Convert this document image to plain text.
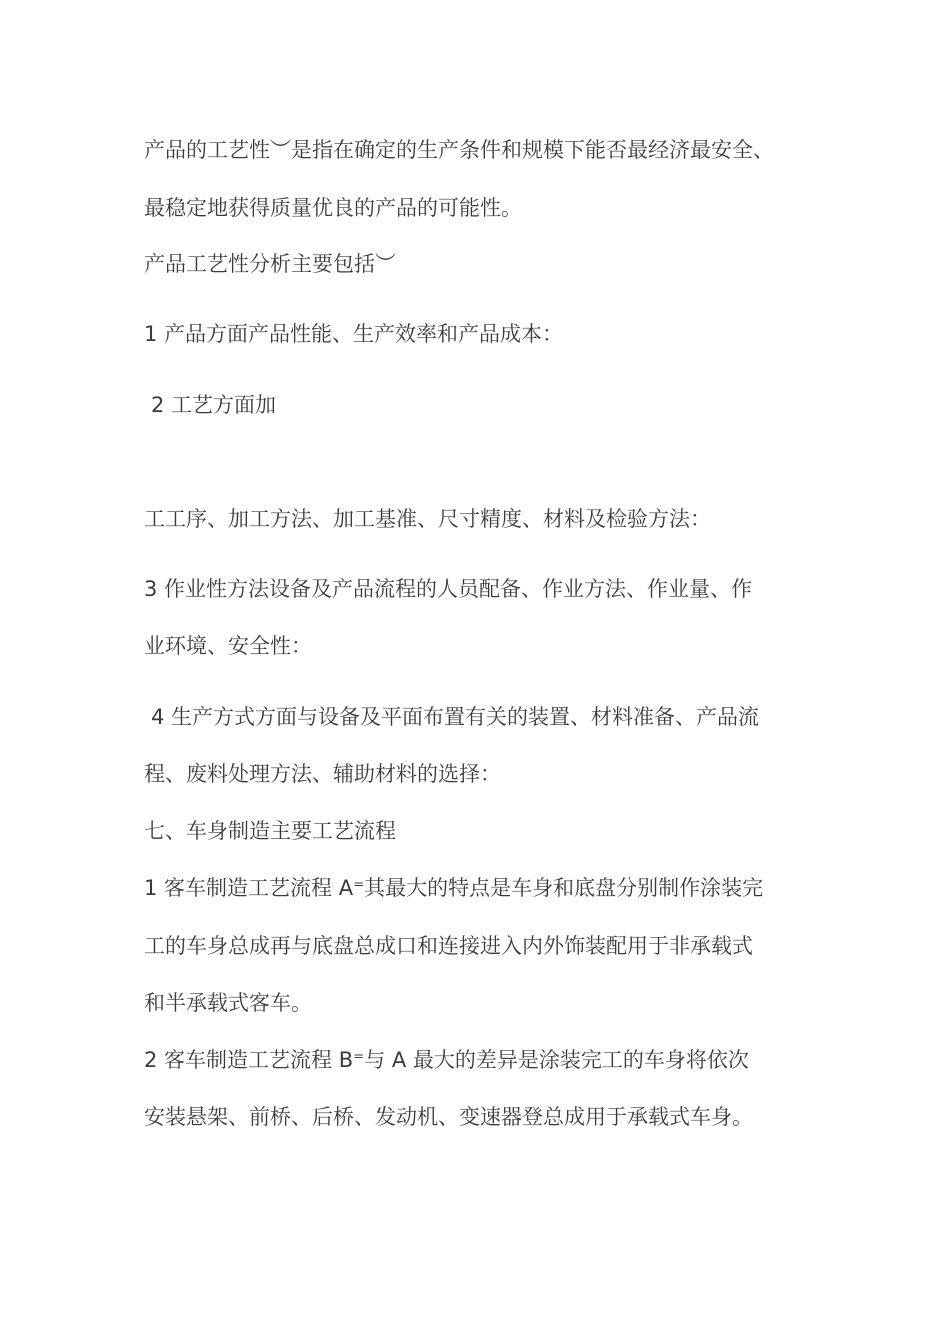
产品的工艺性︶是指在确定的生产条件和规模下能否最经济最安全、
最稳定地获得质量优良的产品的可能性。
产品工艺性分析主要包括︶
1 产品方面产品性能、生产效率和产品成本：
2 工艺方面加
工工序、加工方法、加工基准、尺寸精度、材料及检验方法：
3 作业性方法设备及产品流程的人员配备、作业方法、作业量、作
业环境、安全性：
4 生产方式方面与设备及平面布置有关的装置、材料准备、产品流
程、废料处理方法、辅助材料的选择：
七、车身制造主要工艺流程
1 客车制造工艺流程 A⁼其最大的特点是车身和底盘分别制作涂装完
工的车身总成再与底盘总成口和连接进入内外饰装配用于非承载式
和半承载式客车。
2 客车制造工艺流程 B⁼与 A 最大的差异是涂装完工的车身将依次
安装悬架、前桥、后桥、发动机、变速器登总成用于承载式车身。
